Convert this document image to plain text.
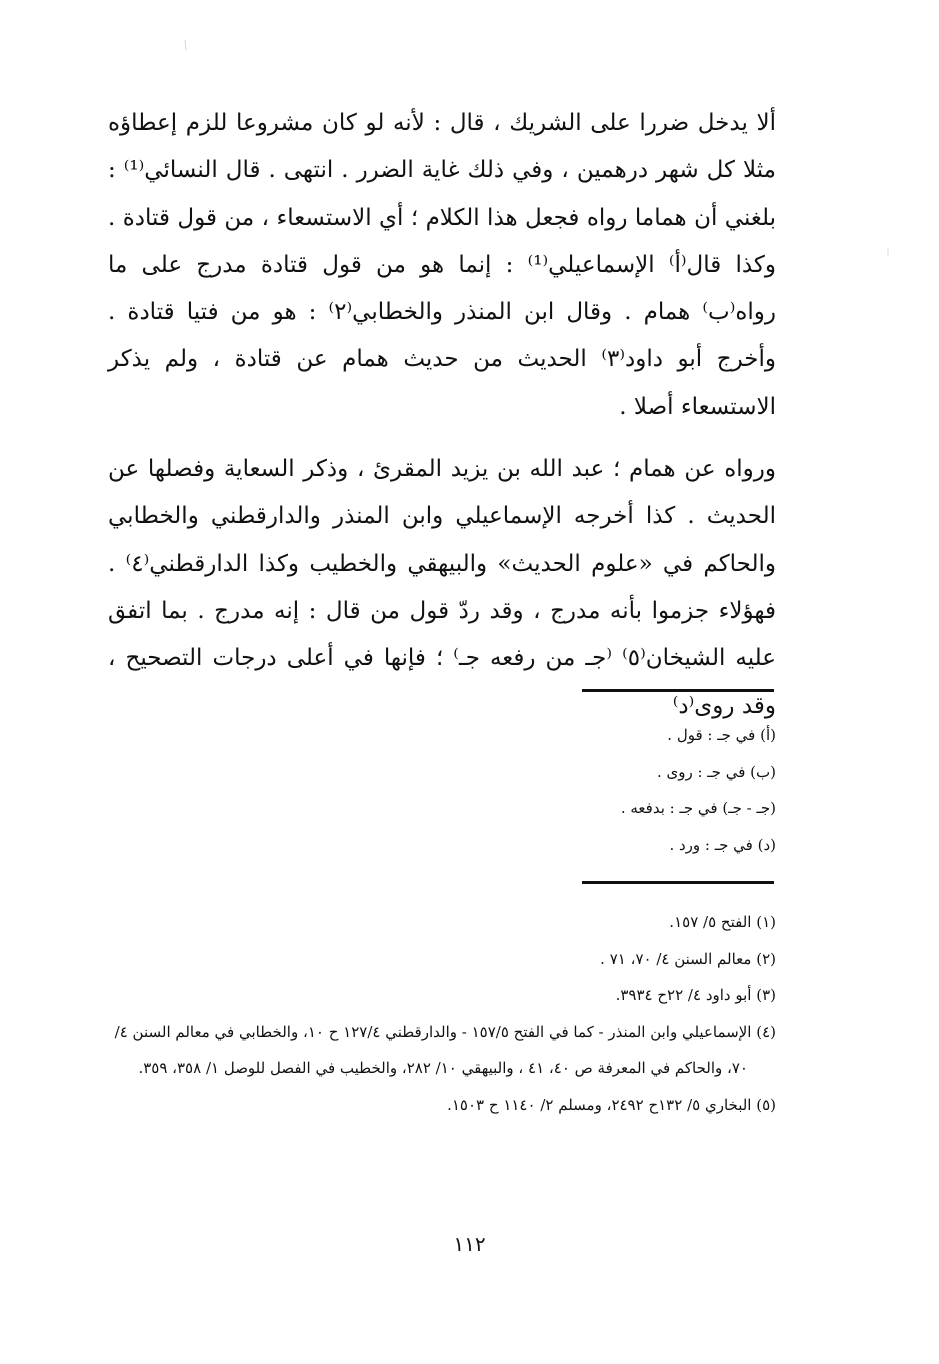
ألا يدخل ضررا على الشريك ، قال : لأنه لو كان مشروعا للزم إعطاؤه مثلا كل شهر درهمين ، وفي ذلك غاية الضرر . انتهى . قال النسائي⁽¹⁾ : بلغني أن هماما رواه فجعل هذا الكلام ؛ أي الاستسعاء ، من قول قتادة . وكذا قال⁽أ⁾ الإسماعيلي⁽¹⁾ : إنما هو من قول قتادة مدرج على ما رواه⁽ب⁾ همام . وقال ابن المنذر والخطابي⁽٢⁾ : هو من فتيا قتادة . وأخرج أبو داود⁽٣⁾ الحديث من حديث همام عن قتادة ، ولم يذكر الاستسعاء أصلا .

ورواه عن همام ؛ عبد الله بن يزيد المقرئ ، وذكر السعاية وفصلها عن الحديث . كذا أخرجه الإسماعيلي وابن المنذر والدارقطني والخطابي والحاكم في «علوم الحديث» والبيهقي والخطيب وكذا الدارقطني⁽٤⁾ . فهؤلاء جزموا بأنه مدرج ، وقد ردّ قول من قال : إنه مدرج . بما اتفق عليه الشيخان⁽٥⁾ ⁽جـ من رفعه جـ⁾ ؛ فإنها في أعلى درجات التصحيح ، وقد روى⁽د⁾

(أ) في جـ : قول .

(ب) في جـ : روى .

(جـ - جـ) في جـ : بدفعه .

(د) في جـ : ورد .

(١) الفتح ٥/ ١٥٧.

(٢) معالم السنن ٤/ ٧٠، ٧١ .

(٣) أبو داود ٤/ ٢٢ح ٣٩٣٤.

(٤) الإسماعيلي وابن المنذر - كما في الفتح ١٥٧/٥ - والدارقطني ١٢٧/٤ ح ١٠، والخطابي في معالم السنن ٤/ ٧٠، والحاكم في المعرفة ص ٤٠، ٤١ ، والبيهقي ١٠/ ٢٨٢، والخطيب في الفصل للوصل ١/ ٣٥٨، ٣٥٩.

(٥) البخاري ٥/ ١٣٢ح ٢٤٩٢، ومسلم ٢/ ١١٤٠ ح ١٥٠٣.

١١٢
